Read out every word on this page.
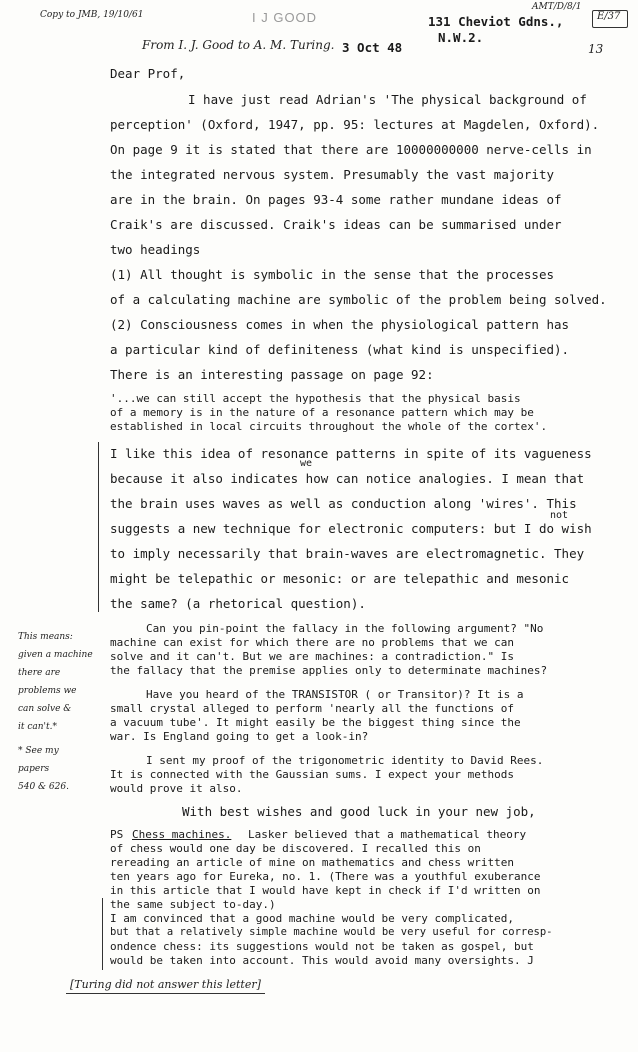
Copy to JMB, 19/10/61	I J GOOD
AMT/D/8/1
E/37
13
From I. J. Good to A. M. Turing. 3 Oct 48
131 Cheviot Gdns.,
N.W.2.
Dear Prof,
I have just read Adrian's 'The physical background of
perception' (Oxford, 1947, pp. 95: lectures at Magdelen, Oxford).
On page 9 it is stated that there are 10000000000 nerve-cells in
the integrated nervous system. Presumably the vast majority
are in the brain. On pages 93-4 some rather mundane ideas of
Craik's are discussed. Craik's ideas can be summarised under
two headings
(1) All thought is symbolic in the sense that the processes
of a calculating machine are symbolic of the problem being solved.
(2) Consciousness comes in when the physiological pattern has
a particular kind of definiteness (what kind is unspecified).
There is an interesting passage on page 92:
'...we can still accept the hypothesis that the physical basis
of a memory is in the nature of a resonance pattern which may be
established in local circuits throughout the whole of the cortex'.
we
I like this idea of resonance patterns in spite of its vagueness
because it also indicates how can notice analogies. I mean that
the brain uses waves as well as conduction along 'wires'. This
not
suggests a new technique for electronic computers: but I do wish
to imply necessarily that brain-waves are electromagnetic. They
might be telepathic or mesonic: or are telepathic and mesonic
the same? (a rhetorical question).
Can you pin-point the fallacy in the following argument? "No
machine can exist for which there are no problems that we can
solve and it can't. But we are machines: a contradiction." Is
the fallacy that the premise applies only to determinate machines?
Have you heard of the TRANSISTOR ( or Transitor)? It is a
small crystal alleged to perform 'nearly all the functions of
a vacuum tube'. It might easily be the biggest thing since the
war. Is England going to get a look-in?
I sent my proof of the trigonometric identity to David Rees.
It is connected with the Gaussian sums. I expect your methods
would prove it also.
With best wishes and good luck in your new job,
PS Chess machines. Lasker believed that a mathematical theory
of chess would one day be discovered. I recalled this on
rereading an article of mine on mathematics and chess written
ten years ago for Eureka, no. 1. (There was a youthful exuberance
in this article that I would have kept in check if I'd written on
the same subject to-day.)
I am convinced that a good machine would be very complicated,
but that a relatively simple machine would be very useful for corresp-
ondence chess: its suggestions would not be taken as gospel, but
would be taken into account. This would avoid many oversights. J
This means:
given a machine
there are
problems we
can solve &
it can't.*
* See my
papers
540 & 626.
[Turing did not answer this letter]
